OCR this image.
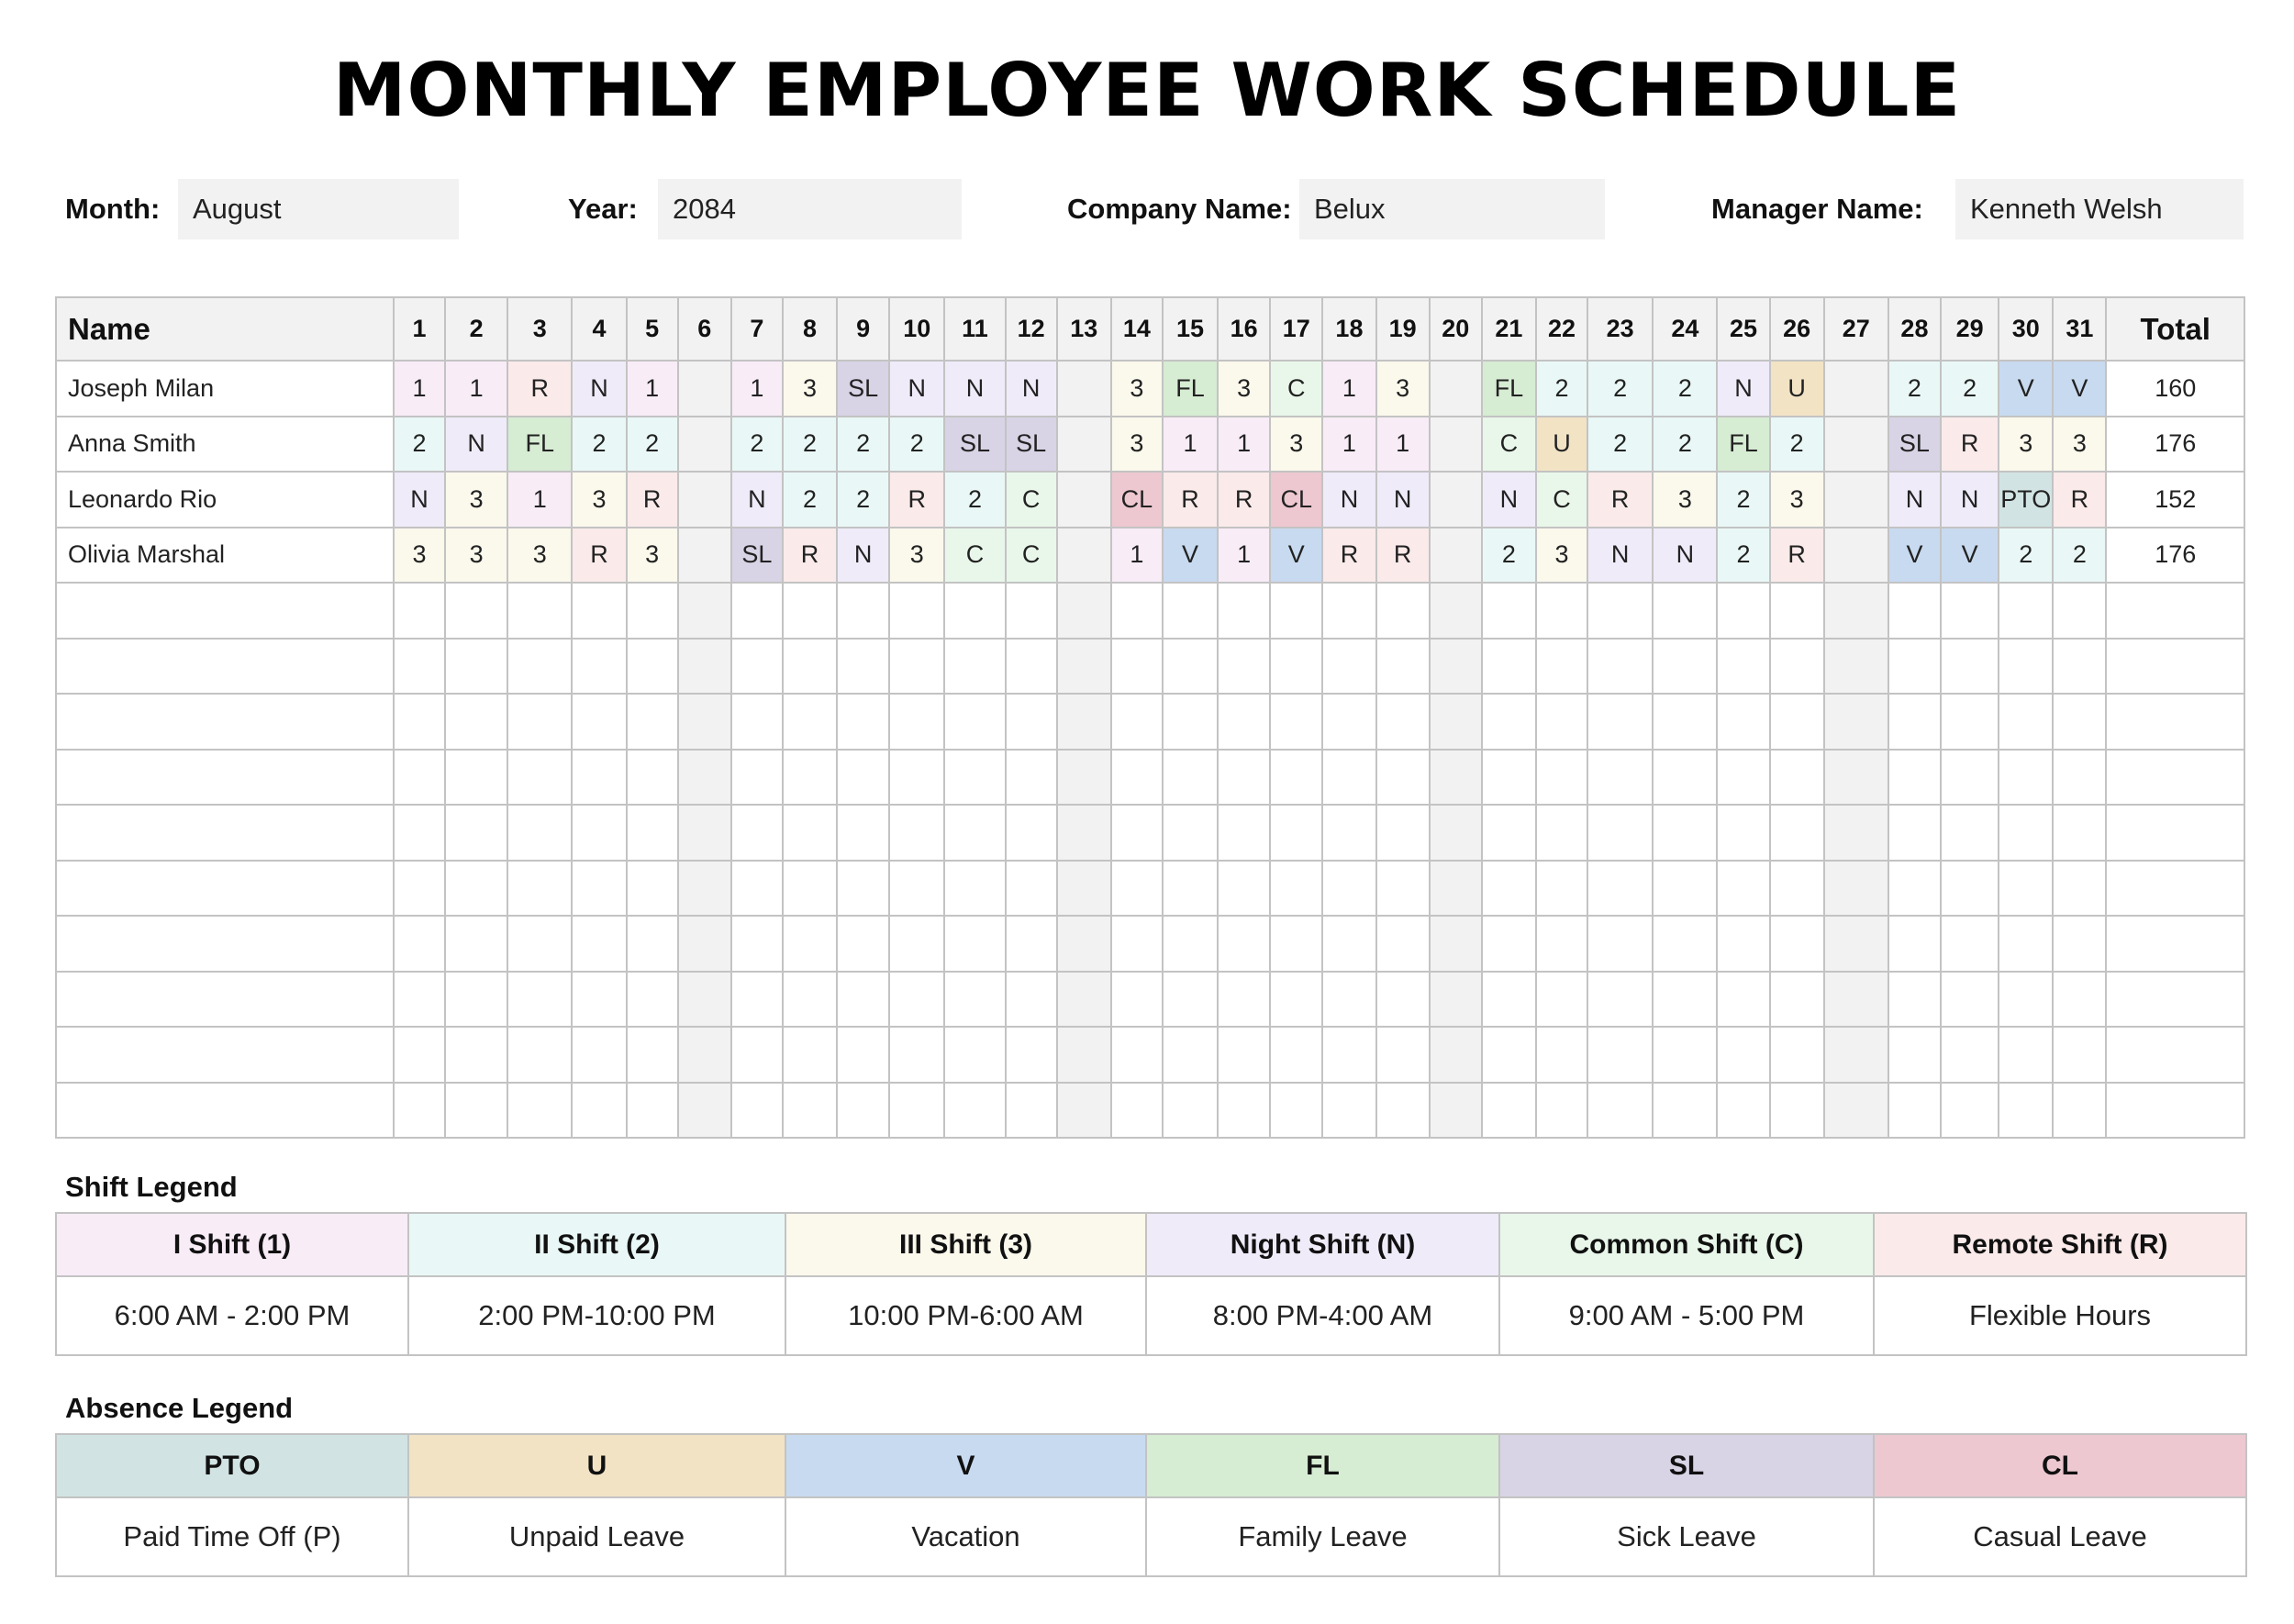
MONTHLY EMPLOYEE WORK SCHEDULE
Month:	August	Year:	2084	Company Name: Belux	Manager Name:	Kenneth Welsh
Name	1	2	3	4	5	6	7	8	9	10	11	12	13	14	15	16	17	18	19	20	21	22	23	24	25	26	27	28	29	30	31	Total
Joseph Milan	1	1	R	N	1		1	3	SL	N	N	N		3	FL	3	C	1	3		FL	2	2	2	N	U		2	2	V	V	160
Anna Smith	2	N	FL	2	2		2	2	2	2	SL	SL		3	1	1	3	1	1		C	U	2	2	FL	2		SL	R	3	3	176
Leonardo Rio	N	3	1	3	R		N	2	2	R	2	C		CL	R	R	CL	N	N		N	C	R	3	2	3		N	N	PTO	R	152
Olivia Marshal	3	3	3	R	3		SL	R	N	3	C	C		1	V	1	V	R	R		2	3	N	N	2	R		V	V	2	2	176

Shift Legend
I Shift (1)	II Shift (2)	III Shift (3)	Night Shift (N)	Common Shift (C)	Remote Shift (R)
6:00 AM - 2:00 PM	2:00 PM-10:00 PM	10:00 PM-6:00 AM	8:00 PM-4:00 AM	9:00 AM - 5:00 PM	Flexible Hours
Absence Legend
PTO	U	V	FL	SL	CL
Paid Time Off (P)	Unpaid Leave	Vacation	Family Leave	Sick Leave	Casual Leave
